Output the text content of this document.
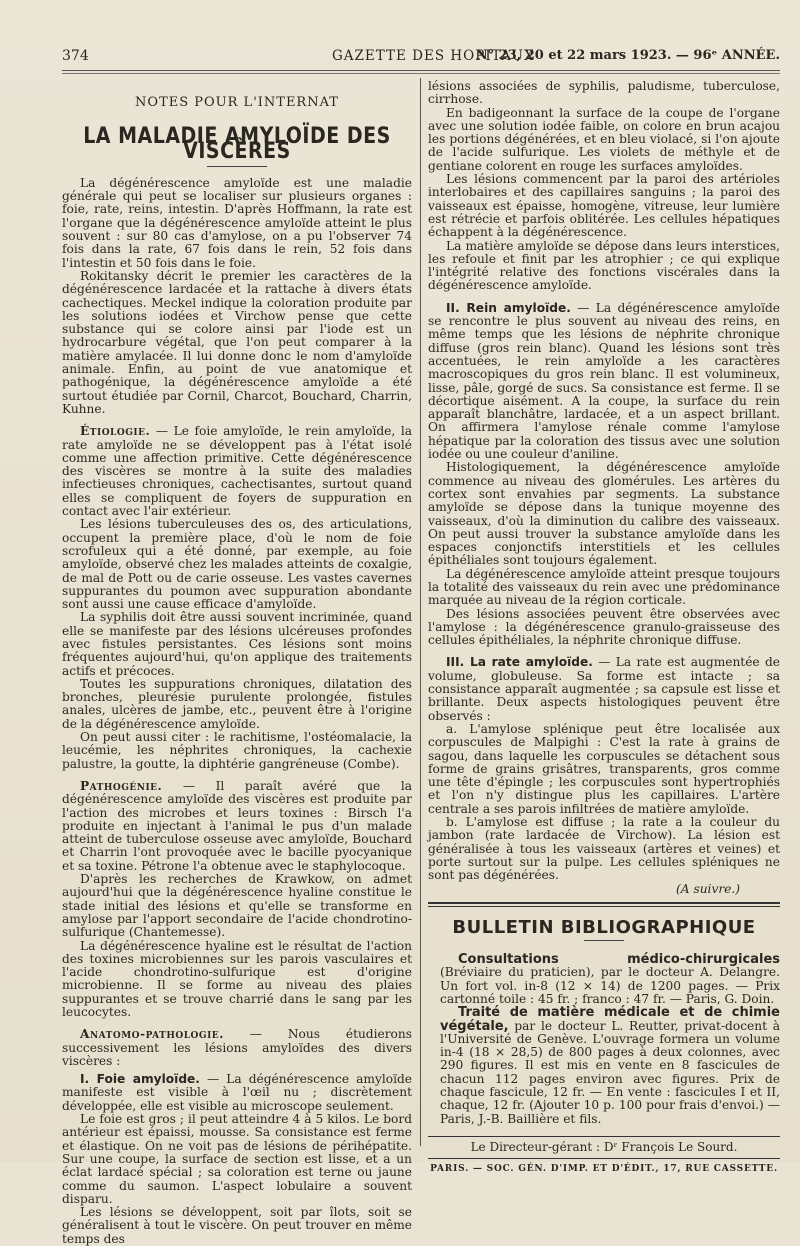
374	GAZETTE DES HOPITAUX
N° 23, 20 et 22 mars 1923. — 96ᵉ ANNÉE.
NOTES POUR L'INTERNAT
LA MALADIE AMYLOÏDE DES VISCÈRES

La dégénérescence amyloïde est une maladie générale qui peut se localiser sur plusieurs organes : foie, rate, reins, intestin. D'après Hoffmann, la rate est l'organe que la dégénérescence amyloïde atteint le plus souvent : sur 80 cas d'amylose, on a pu l'observer 74 fois dans la rate, 67 fois dans le rein, 52 fois dans l'intestin et 50 fois dans le foie.

Rokitansky décrit le premier les caractères de la dégénérescence lardacée et la rattache à divers états cachectiques. Meckel indique la coloration produite par les solutions iodées et Virchow pense que cette substance qui se colore ainsi par l'iode est un hydrocarbure végétal, que l'on peut comparer à la matière amylacée. Il lui donne donc le nom d'amyloïde animale. Enfin, au point de vue anatomique et pathogénique, la dégénérescence amyloïde a été surtout étudiée par Cornil, Charcot, Bouchard, Charrin, Kuhne.

Étiologie. — Le foie amyloïde, le rein amyloïde, la rate amyloïde ne se développent pas à l'état isolé comme une affection primitive. Cette dégénérescence des viscères se montre à la suite des maladies infectieuses chroniques, cachectisantes, surtout quand elles se compliquent de foyers de suppuration en contact avec l'air extérieur.

Les lésions tuberculeuses des os, des articulations, occupent la première place, d'où le nom de foie scrofuleux qui a été donné, par exemple, au foie amyloïde, observé chez les malades atteints de coxalgie, de mal de Pott ou de carie osseuse. Les vastes cavernes suppurantes du poumon avec suppuration abondante sont aussi une cause efficace d'amyloïde.

La syphilis doit être aussi souvent incriminée, quand elle se manifeste par des lésions ulcéreuses profondes avec fistules persistantes. Ces lésions sont moins fréquentes aujourd'hui, qu'on applique des traitements actifs et précoces.

Toutes les suppurations chroniques, dilatation des bronches, pleurésie purulente prolongée, fistules anales, ulcères de jambe, etc., peuvent être à l'origine de la dégénérescence amyloïde.

On peut aussi citer : le rachitisme, l'ostéomalacie, la leucémie, les néphrites chroniques, la cachexie palustre, la goutte, la diphtérie gangréneuse (Combe).

Pathogénie. — Il paraît avéré que la dégénérescence amyloïde des viscères est produite par l'action des microbes et leurs toxines : Birsch l'a produite en injectant à l'animal le pus d'un malade atteint de tuberculose osseuse avec amyloïde, Bouchard et Charrin l'ont provoquée avec le bacille pyocyanique et sa toxine. Pétrone l'a obtenue avec le staphylocoque.

D'après les recherches de Krawkow, on admet aujourd'hui que la dégénérescence hyaline constitue le stade initial des lésions et qu'elle se transforme en amylose par l'apport secondaire de l'acide chondrotino-sulfurique (Chantemesse).

La dégénérescence hyaline est le résultat de l'action des toxines microbiennes sur les parois vasculaires et l'acide chondrotino-sulfurique est d'origine microbienne. Il se forme au niveau des plaies suppurantes et se trouve charrié dans le sang par les leucocytes.

Anatomo-pathologie. — Nous étudierons successivement les lésions amyloïdes des divers viscères :

I. Foie amyloïde. — La dégénérescence amyloïde manifeste est visible à l'œil nu ; discrètement développée, elle est visible au microscope seulement.

Le foie est gros ; il peut atteindre 4 à 5 kilos. Le bord antérieur est épaissi, mousse. Sa consistance est ferme et élastique. On ne voit pas de lésions de périhépatite. Sur une coupe, la surface de section est lisse, et a un éclat lardacé spécial ; sa coloration est terne ou jaune comme du saumon. L'aspect lobulaire a souvent disparu.

Les lésions se développent, soit par îlots, soit se généralisent à tout le viscère. On peut trouver en même temps des

lésions associées de syphilis, paludisme, tuberculose, cirrhose.

En badigeonnant la surface de la coupe de l'organe avec une solution iodée faible, on colore en brun acajou les portions dégénérées, et en bleu violacé, si l'on ajoute de l'acide sulfurique. Les violets de méthyle et de gentiane colorent en rouge les surfaces amyloïdes.

Les lésions commencent par la paroi des artérioles interlobaires et des capillaires sanguins ; la paroi des vaisseaux est épaisse, homogène, vitreuse, leur lumière est rétrécie et parfois oblitérée. Les cellules hépatiques échappent à la dégénérescence.

La matière amyloïde se dépose dans leurs interstices, les refoule et finit par les atrophier ; ce qui explique l'intégrité relative des fonctions viscérales dans la dégénérescence amyloïde.

II. Rein amyloïde. — La dégénérescence amyloïde se rencontre le plus souvent au niveau des reins, en même temps que les lésions de néphrite chronique diffuse (gros rein blanc). Quand les lésions sont très accentuées, le rein amyloïde a les caractères macroscopiques du gros rein blanc. Il est volumineux, lisse, pâle, gorgé de sucs. Sa consistance est ferme. Il se décortique aisément. A la coupe, la surface du rein apparaît blanchâtre, lardacée, et a un aspect brillant. On affirmera l'amylose rénale comme l'amylose hépatique par la coloration des tissus avec une solution iodée ou une couleur d'aniline.

Histologiquement, la dégénérescence amyloïde commence au niveau des glomérules. Les artères du cortex sont envahies par segments. La substance amyloïde se dépose dans la tunique moyenne des vaisseaux, d'où la diminution du calibre des vaisseaux. On peut aussi trouver la substance amyloïde dans les espaces conjonctifs interstitiels et les cellules épithéliales sont toujours également.

La dégénérescence amyloïde atteint presque toujours la totalité des vaisseaux du rein avec une prédominance marquée au niveau de la région corticale.

Des lésions associées peuvent être observées avec l'amylose : la dégénérescence granulo-graisseuse des cellules épithéliales, la néphrite chronique diffuse.

III. La rate amyloïde. — La rate est augmentée de volume, globuleuse. Sa forme est intacte ; sa consistance apparaît augmentée ; sa capsule est lisse et brillante. Deux aspects histologiques peuvent être observés :

a. L'amylose splénique peut être localisée aux corpuscules de Malpighi : C'est la rate à grains de sagou, dans laquelle les corpuscules se détachent sous forme de grains grisâtres, transparents, gros comme une tête d'épingle ; les corpuscules sont hypertrophiés et l'on n'y distingue plus les capillaires. L'artère centrale a ses parois infiltrées de matière amyloïde.

b. L'amylose est diffuse ; la rate a la couleur du jambon (rate lardacée de Virchow). La lésion est généralisée à tous les vaisseaux (artères et veines) et porte surtout sur la pulpe. Les cellules spléniques ne sont pas dégénérées.

(A suivre.)
BULLETIN BIBLIOGRAPHIQUE

Consultations médico-chirurgicales (Bréviaire du praticien), par le docteur A. Delangre. Un fort vol. in-8 (12 × 14) de 1200 pages. — Prix cartonné toile : 45 fr. ; franco : 47 fr. — Paris, G. Doin.

Traité de matière médicale et de chimie végétale, par le docteur L. Reutter, privat-docent à l'Université de Genève. L'ouvrage formera un volume in-4 (18 × 28,5) de 800 pages à deux colonnes, avec 290 figures. Il est mis en vente en 8 fascicules de chacun 112 pages environ avec figures. Prix de chaque fascicule, 12 fr. — En vente : fascicules I et II, chaque, 12 fr. (Ajouter 10 p. 100 pour frais d'envoi.) — Paris, J.-B. Baillière et fils.

Le Directeur-gérant : Dʳ François Le Sourd.
PARIS. — SOC. GÉN. D'IMP. ET D'ÉDIT., 17, RUE CASSETTE.
